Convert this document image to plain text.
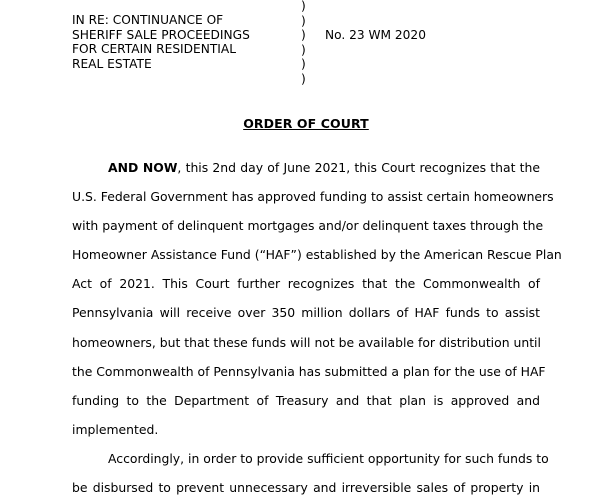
IN RE: CONTINUANCE OF
SHERIFF SALE PROCEEDINGS
FOR CERTAIN RESIDENTIAL
REAL ESTATE
)
)
)
)
)
)
No. 23 WM 2020
ORDER OF COURT
AND NOW, this 2nd day of June 2021, this Court recognizes that the
U.S. Federal Government has approved funding to assist certain homeowners
with payment of delinquent mortgages and/or delinquent taxes through the
Homeowner Assistance Fund (“HAF”) established by the American Rescue Plan
Act of 2021. This Court further recognizes that the Commonwealth of
Pennsylvania will receive over 350 million dollars of HAF funds to assist
homeowners, but that these funds will not be available for distribution until
the Commonwealth of Pennsylvania has submitted a plan for the use of HAF
funding to the Department of Treasury and that plan is approved and
implemented.
Accordingly, in order to provide sufficient opportunity for such funds to
be disbursed to prevent unnecessary and irreversible sales of property in
